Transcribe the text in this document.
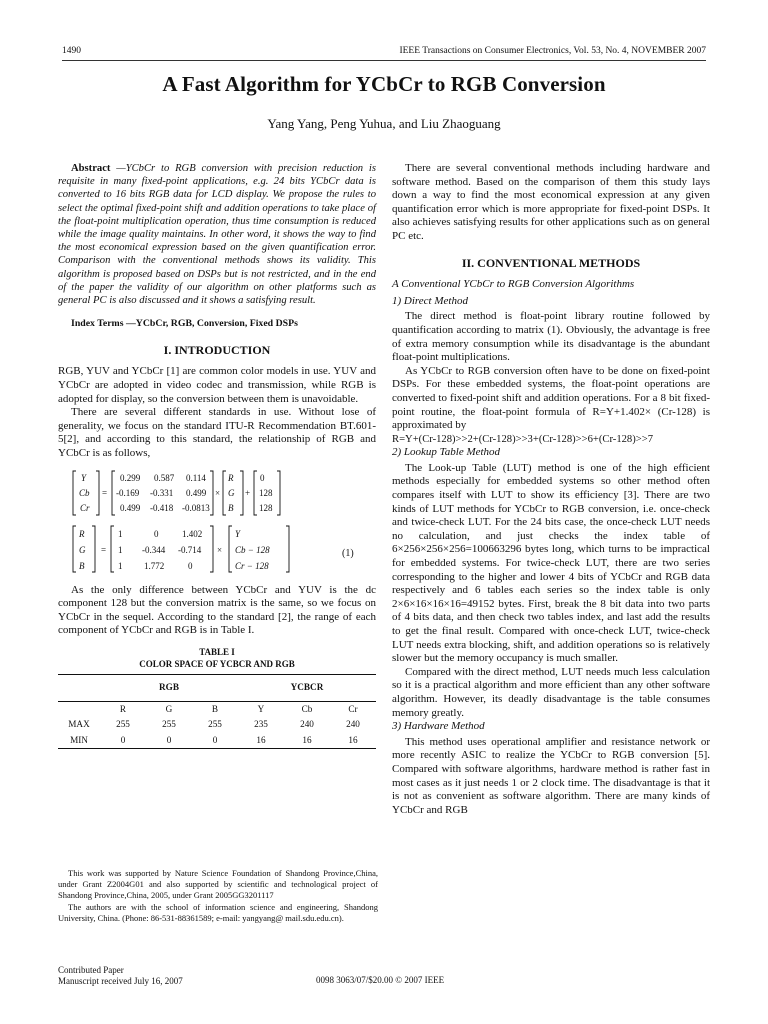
1490	IEEE Transactions on Consumer Electronics, Vol. 53, No. 4, NOVEMBER 2007
A Fast Algorithm for YCbCr to RGB Conversion
Yang Yang, Peng Yuhua, and Liu Zhaoguang

Abstract —YCbCr to RGB conversion with precision reduction is requisite in many fixed-point applications, e.g. 24 bits YCbCr data is converted to 16 bits RGB data for LCD display. We propose the rules to select the optimal fixed-point shift and addition operations to take place of the float-point multiplication operation, thus time consumption is reduced while the image quality maintains. In other word, it shows the way to find the most economical expression based on the given quantification error. Comparison with the conventional methods shows its validity. This algorithm is proposed based on DSPs but is not restricted, and in the end of the paper the validity of our algorithm on other platforms such as general PC is also discussed and it shows a satisfying result.

Index Terms —YCbCr, RGB, Conversion, Fixed DSPs

I. INTRODUCTION

RGB, YUV and YCbCr [1] are common color models in use. YUV and YCbCr are adopted in video codec and transmission, while RGB is adopted for display, so the conversion between them is unavoidable.

There are several different standards in use. Without lose of generality, we focus on the standard ITU-R Recommendation BT.601-5[2], and according to this standard, the relationship of RGB and YCbCr is as follows,

Y
Cb
Cr
=
0.299 0.587 0.114
-0.169 -0.331 0.499
0.499 -0.418 -0.0813
×
R
G
B
+
0
128
128
R
G
B
=
1	0	1.402
1 -0.344 -0.714
1 1.772	0
×
Y
Cb − 128
Cr − 128
(1)

As the only difference between YCbCr and YUV is the dc component 128 but the conversion matrix is the same, so we focus on YCbCr in the sequel. According to the standard [2], the range of each component of YCbCr and RGB is in Table I.

TABLE I
COLOR SPACE OF YCBCR AND RGB
	RGB			YCBCR		
	R	G	B	Y	Cb	Cr
MAX	255	255	255	235	240	240
MIN	0	0	0	16	16	16

There are several conventional methods including hardware and software method. Based on the comparison of them this study lays down a way to find the most economical expression at any given quantification error which is more appropriate for fixed-point DSPs. It also achieves satisfying results for other applications such as on general PC etc.

II. CONVENTIONAL METHODS
A Conventional YCbCr to RGB Conversion Algorithms
1) Direct Method

The direct method is float-point library routine followed by quantification according to matrix (1). Obviously, the advantage is free of extra memory consumption while its disadvantage is the abundant float-point multiplications.

As YCbCr to RGB conversion often have to be done on fixed-point DSPs. For these embedded systems, the float-point operations are converted to fixed-point shift and addition operations. For a 8 bit fixed-point routine, the float-point formula of R=Y+1.402× (Cr-128) is approximated by

R=Y+(Cr-128)>>2+(Cr-128)>>3+(Cr-128)>>6+(Cr-128)>>7

2) Lookup Table Method

The Look-up Table (LUT) method is one of the high efficient methods especially for embedded systems so other method often compares itself with LUT to show its efficiency [3]. There are two kinds of LUT methods for YCbCr to RGB conversion, i.e. once-check and twice-check LUT. For the 24 bits case, the once-check LUT needs no calculation, and just checks the index table of 6×256×256×256=100663296 bytes long, which turns to be impractical for embedded systems. For twice-check LUT, there are two series corresponding to the higher and lower 4 bits of YCbCr and RGB data respectively and 6 tables each series so the index table is only 2×6×16×16×16=49152 bytes. First, break the 8 bit data into two parts of 4 bits data, and then check two tables index, and last add the results to get the final result. Compared with once-check LUT, twice-check LUT needs extra blocking, shift, and addition operations so is relatively slower but the memory occupancy is much smaller.

Compared with the direct method, LUT needs much less calculation so it is a practical algorithm and more efficient than any other software algorithm. However, its deadly disadvantage is the table consumes memory greatly.

3) Hardware Method

This method uses operational amplifier and resistance network or more recently ASIC to realize the YCbCr to RGB conversion [5]. Compared with software algorithms, hardware method is rather fast in most cases as it just needs 1 or 2 clock time. The disadvantage is that it is not as convenient as software algorithm. There are many kinds of YCbCr and RGB

This work was supported by Nature Science Foundation of Shandong Province,China, under Grant Z2004G01 and also supported by scientific and technological project of Shandong Province,China, 2005, under Grant 2005GG3201117

The authors are with the school of information science and engineering, Shandong University, China. (Phone: 86-531-88361589; e-mail: yangyang@ mail.sdu.edu.cn).

Contributed Paper
Manuscript received July 16, 2007	0098 3063/07/$20.00 © 2007 IEEE
